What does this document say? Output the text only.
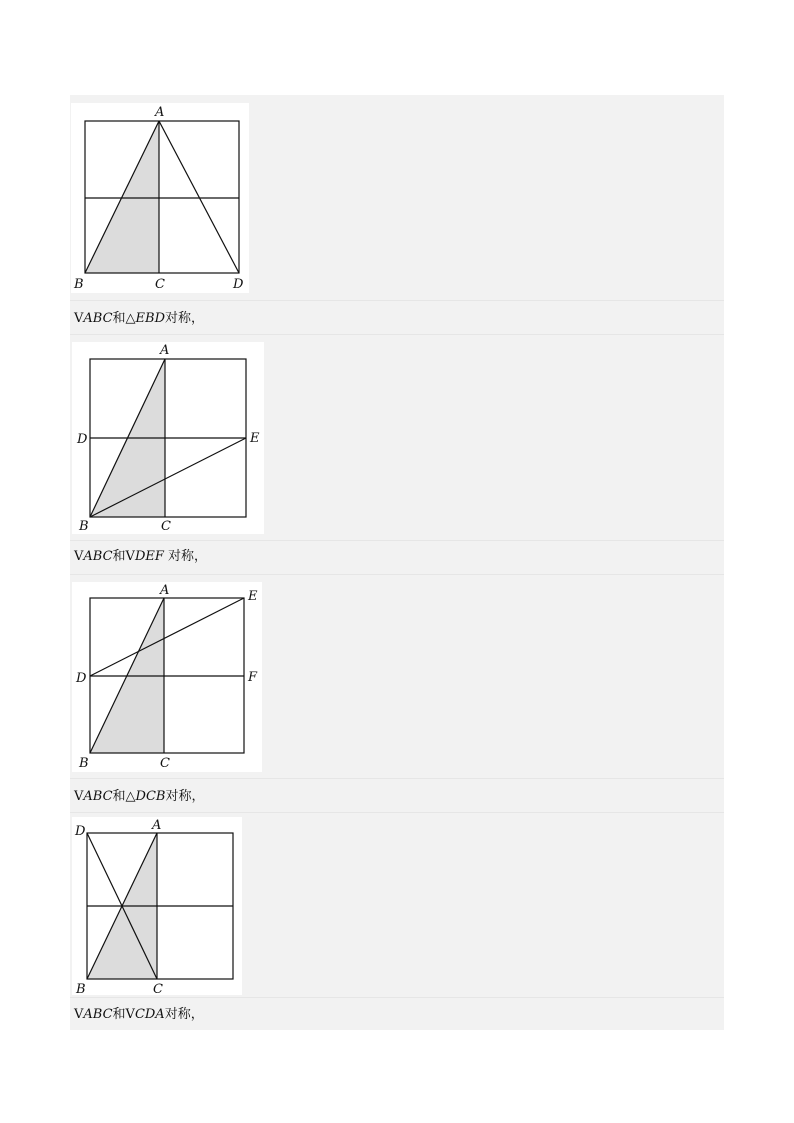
A
B	C	D
VABC和△EBD对称，
A
D	E
B	C
VABC和VDEF 对称，
A	E
D	F
B	C
VABC和△DCB对称，
D	A
B	C
VABC和VCDA对称，
